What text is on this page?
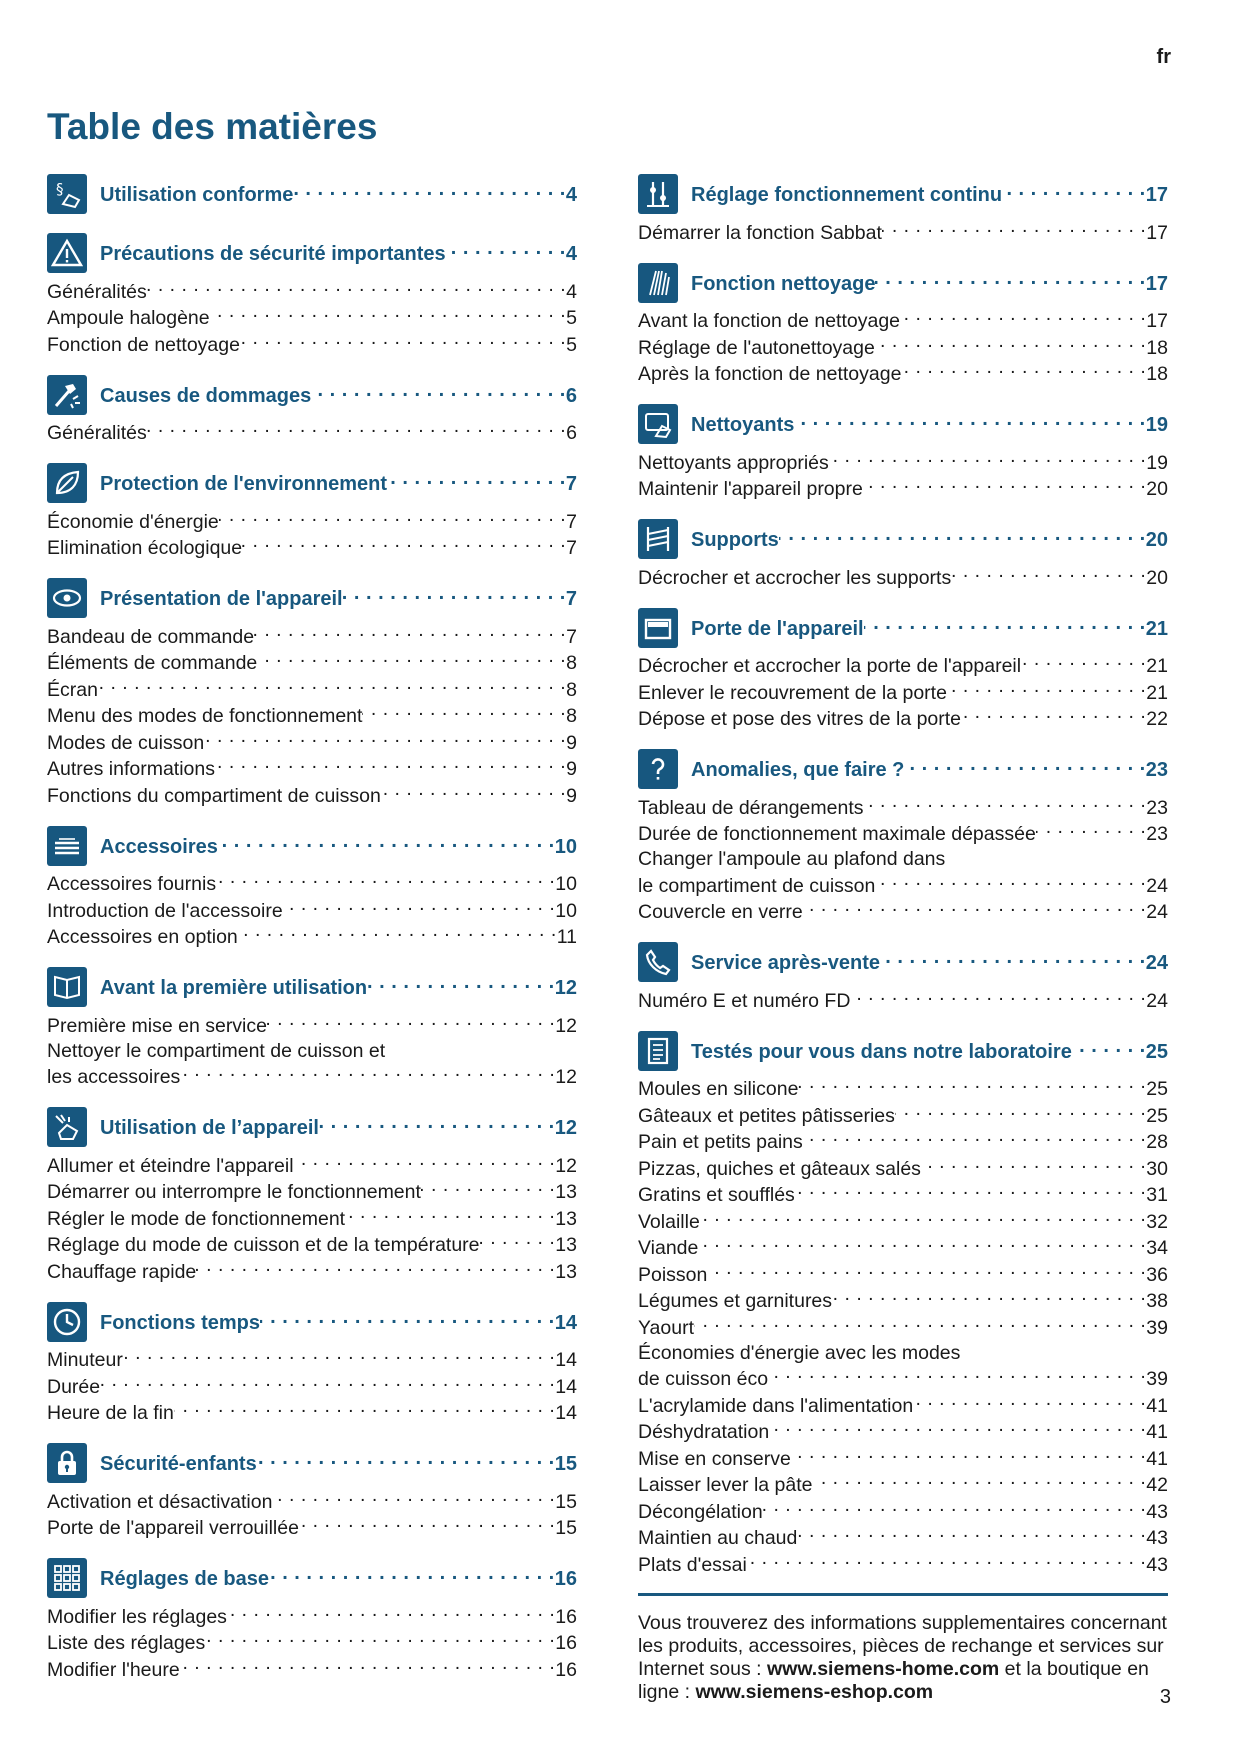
fr
Table des matières
§ Utilisation conforme . . .	4
Précautions de sécurité importantes . . .	4
Généralités . . .	4
Ampoule halogène . . .	5
Fonction de nettoyage . . .	5
Causes de dommages . . .	6
Généralités . . .	6
Protection de l'environnement . . .	7
Économie d'énergie . . .	7
Elimination écologique . . .	7
Présentation de l'appareil . . .	7
Bandeau de commande . . .	7
Éléments de commande . . .	8
Écran . . .	8
Menu des modes de fonctionnement . . .	8
Modes de cuisson . . .	9
Autres informations . . .	9
Fonctions du compartiment de cuisson . . .	9
Accessoires . . .	10
Accessoires fournis . . .	10
Introduction de l'accessoire . . .	10
Accessoires en option . . .	11
Avant la première utilisation . . .	12
Première mise en service . . .	12
Nettoyer le compartiment de cuisson et
les accessoires . . .	12
Utilisation de l’appareil . . .	12
Allumer et éteindre l'appareil . . .	12
Démarrer ou interrompre le fonctionnement . . .	13
Régler le mode de fonctionnement . . .	13
Réglage du mode de cuisson et de la température . . .	13
Chauffage rapide . . .	13
Fonctions temps . . .	14
Minuteur . . .	14
Durée . . .	14
Heure de la fin . . .	14
Sécurité-enfants . . .	15
Activation et désactivation . . .	15
Porte de l'appareil verrouillée . . .	15
Réglages de base . . .	16
Modifier les réglages . . .	16
Liste des réglages . . .	16
Modifier l'heure . . .	16
Réglage fonctionnement continu . . .	17
Démarrer la fonction Sabbat . . .	17
Fonction nettoyage . . .	17
Avant la fonction de nettoyage . . .	17
Réglage de l'autonettoyage . . .	18
Après la fonction de nettoyage . . .	18
Nettoyants . . .	19
Nettoyants appropriés . . .	19
Maintenir l'appareil propre . . .	20
Supports . . .	20
Décrocher et accrocher les supports . . .	20
Porte de l'appareil . . .	21
Décrocher et accrocher la porte de l'appareil . . .	21
Enlever le recouvrement de la porte . . .	21
Dépose et pose des vitres de la porte . . .	22
Anomalies, que faire ? . . .	23
Tableau de dérangements . . .	23
Durée de fonctionnement maximale dépassée . . .	23
Changer l'ampoule au plafond dans
le compartiment de cuisson . . .	24
Couvercle en verre . . .	24
Service après-vente . . .	24
Numéro E et numéro FD . . .	24
Testés pour vous dans notre laboratoire . . .	25
Moules en silicone . . .	25
Gâteaux et petites pâtisseries . . .	25
Pain et petits pains . . .	28
Pizzas, quiches et gâteaux salés . . .	30
Gratins et soufflés . . .	31
Volaille . . .	32
Viande . . .	34
Poisson . . .	36
Légumes et garnitures . . .	38
Yaourt . . .	39
Économies d'énergie avec les modes
de cuisson éco . . .	39
L'acrylamide dans l'alimentation . . .	41
Déshydratation . . .	41
Mise en conserve . . .	41
Laisser lever la pâte . . .	42
Décongélation . . .	43
Maintien au chaud . . .	43
Plats d'essai . . .	43
Vous trouverez des informations supplementaires concernant les produits, accessoires, pièces de rechange et services sur Internet sous : www.siemens-home.com et la boutique en ligne : www.siemens-eshop.com	3
